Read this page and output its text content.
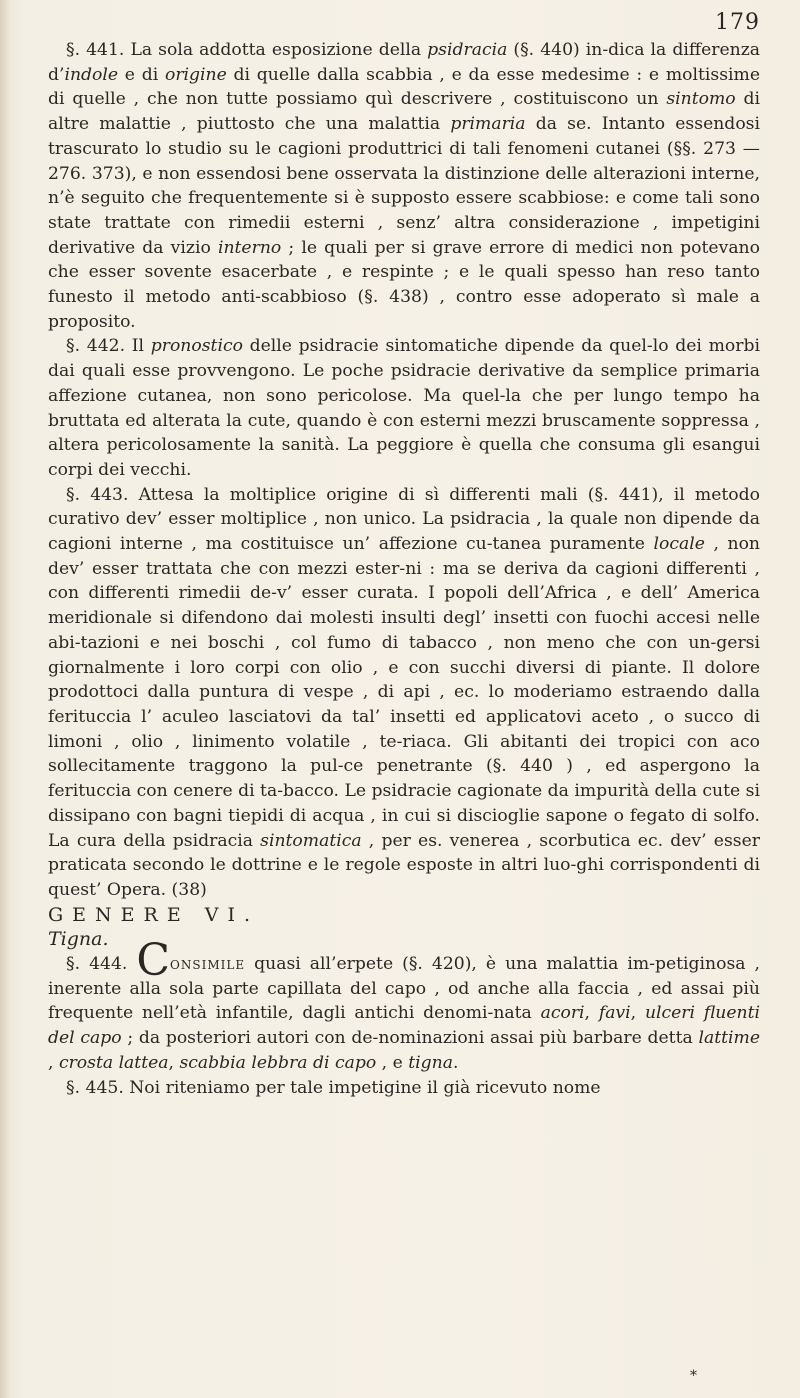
179

§. 441. La sola addotta esposizione della psidracia (§. 440) in-dica la differenza d’indole e di origine di quelle dalla scabbia , e da esse medesime : e moltissime di quelle , che non tutte possiamo quì descrivere , costituiscono un sintomo di altre malattie , piuttosto che una malattia primaria da se. Intanto essendosi trascurato lo studio su le cagioni produttrici di tali fenomeni cutanei (§§. 273 — 276. 373), e non essendosi bene osservata la distinzione delle alterazioni interne, n’è seguito che frequentemente si è supposto essere scabbiose: e come tali sono state trattate con rimedii esterni , senz’ altra considerazione , impetigini derivative da vizio interno ; le quali per si grave errore di medici non potevano che esser sovente esacerbate , e respinte ; e le quali spesso han reso tanto funesto il metodo anti-scabbioso (§. 438) , contro esse adoperato sì male a proposito.

§. 442. Il pronostico delle psidracie sintomatiche dipende da quel-lo dei morbi dai quali esse provvengono. Le poche psidracie derivative da semplice primaria affezione cutanea, non sono pericolose. Ma quel-la che per lungo tempo ha bruttata ed alterata la cute, quando è con esterni mezzi bruscamente soppressa , altera pericolosamente la sanità. La peggiore è quella che consuma gli esangui corpi dei vecchi.

§. 443. Attesa la moltiplice origine di sì differenti mali (§. 441), il metodo curativo dev’ esser moltiplice , non unico. La psidracia , la quale non dipende da cagioni interne , ma costituisce un’ affezione cu-tanea puramente locale , non dev’ esser trattata che con mezzi ester-ni : ma se deriva da cagioni differenti , con differenti rimedii de-v’ esser curata. I popoli dell’Africa , e dell’ America meridionale si difendono dai molesti insulti degl’ insetti con fuochi accesi nelle abi-tazioni e nei boschi , col fumo di tabacco , non meno che con un-gersi giornalmente i loro corpi con olio , e con succhi diversi di piante. Il dolore prodottoci dalla puntura di vespe , di api , ec. lo moderiamo estraendo dalla ferituccia l’ aculeo lasciatovi da tal’ insetti ed applicatovi aceto , o succo di limoni , olio , linimento volatile , te-riaca. Gli abitanti dei tropici con aco sollecitamente traggono la pul-ce penetrante (§. 440 ) , ed aspergono la ferituccia con cenere di ta-bacco. Le psidracie cagionate da impurità della cute si dissipano con bagni tiepidi di acqua , in cui si discioglie sapone o fegato di solfo. La cura della psidracia sintomatica , per es. venerea , scorbutica ec. dev’ esser praticata secondo le dottrine e le regole esposte in altri luo-ghi corrispondenti di quest’ Opera. (38)

GENERE VI.

Tigna.

§. 444. Consimile quasi all’erpete (§. 420), è una malattia im-petiginosa , inerente alla sola parte capillata del capo , od anche alla faccia , ed assai più frequente nell’età infantile, dagli antichi denomi-nata acori, favi, ulceri fluenti del capo ; da posteriori autori con de-nominazioni assai più barbare detta lattime , crosta lattea, scabbia lebbra di capo , e tigna.

§. 445. Noi riteniamo per tale impetigine il già ricevuto nome

*
